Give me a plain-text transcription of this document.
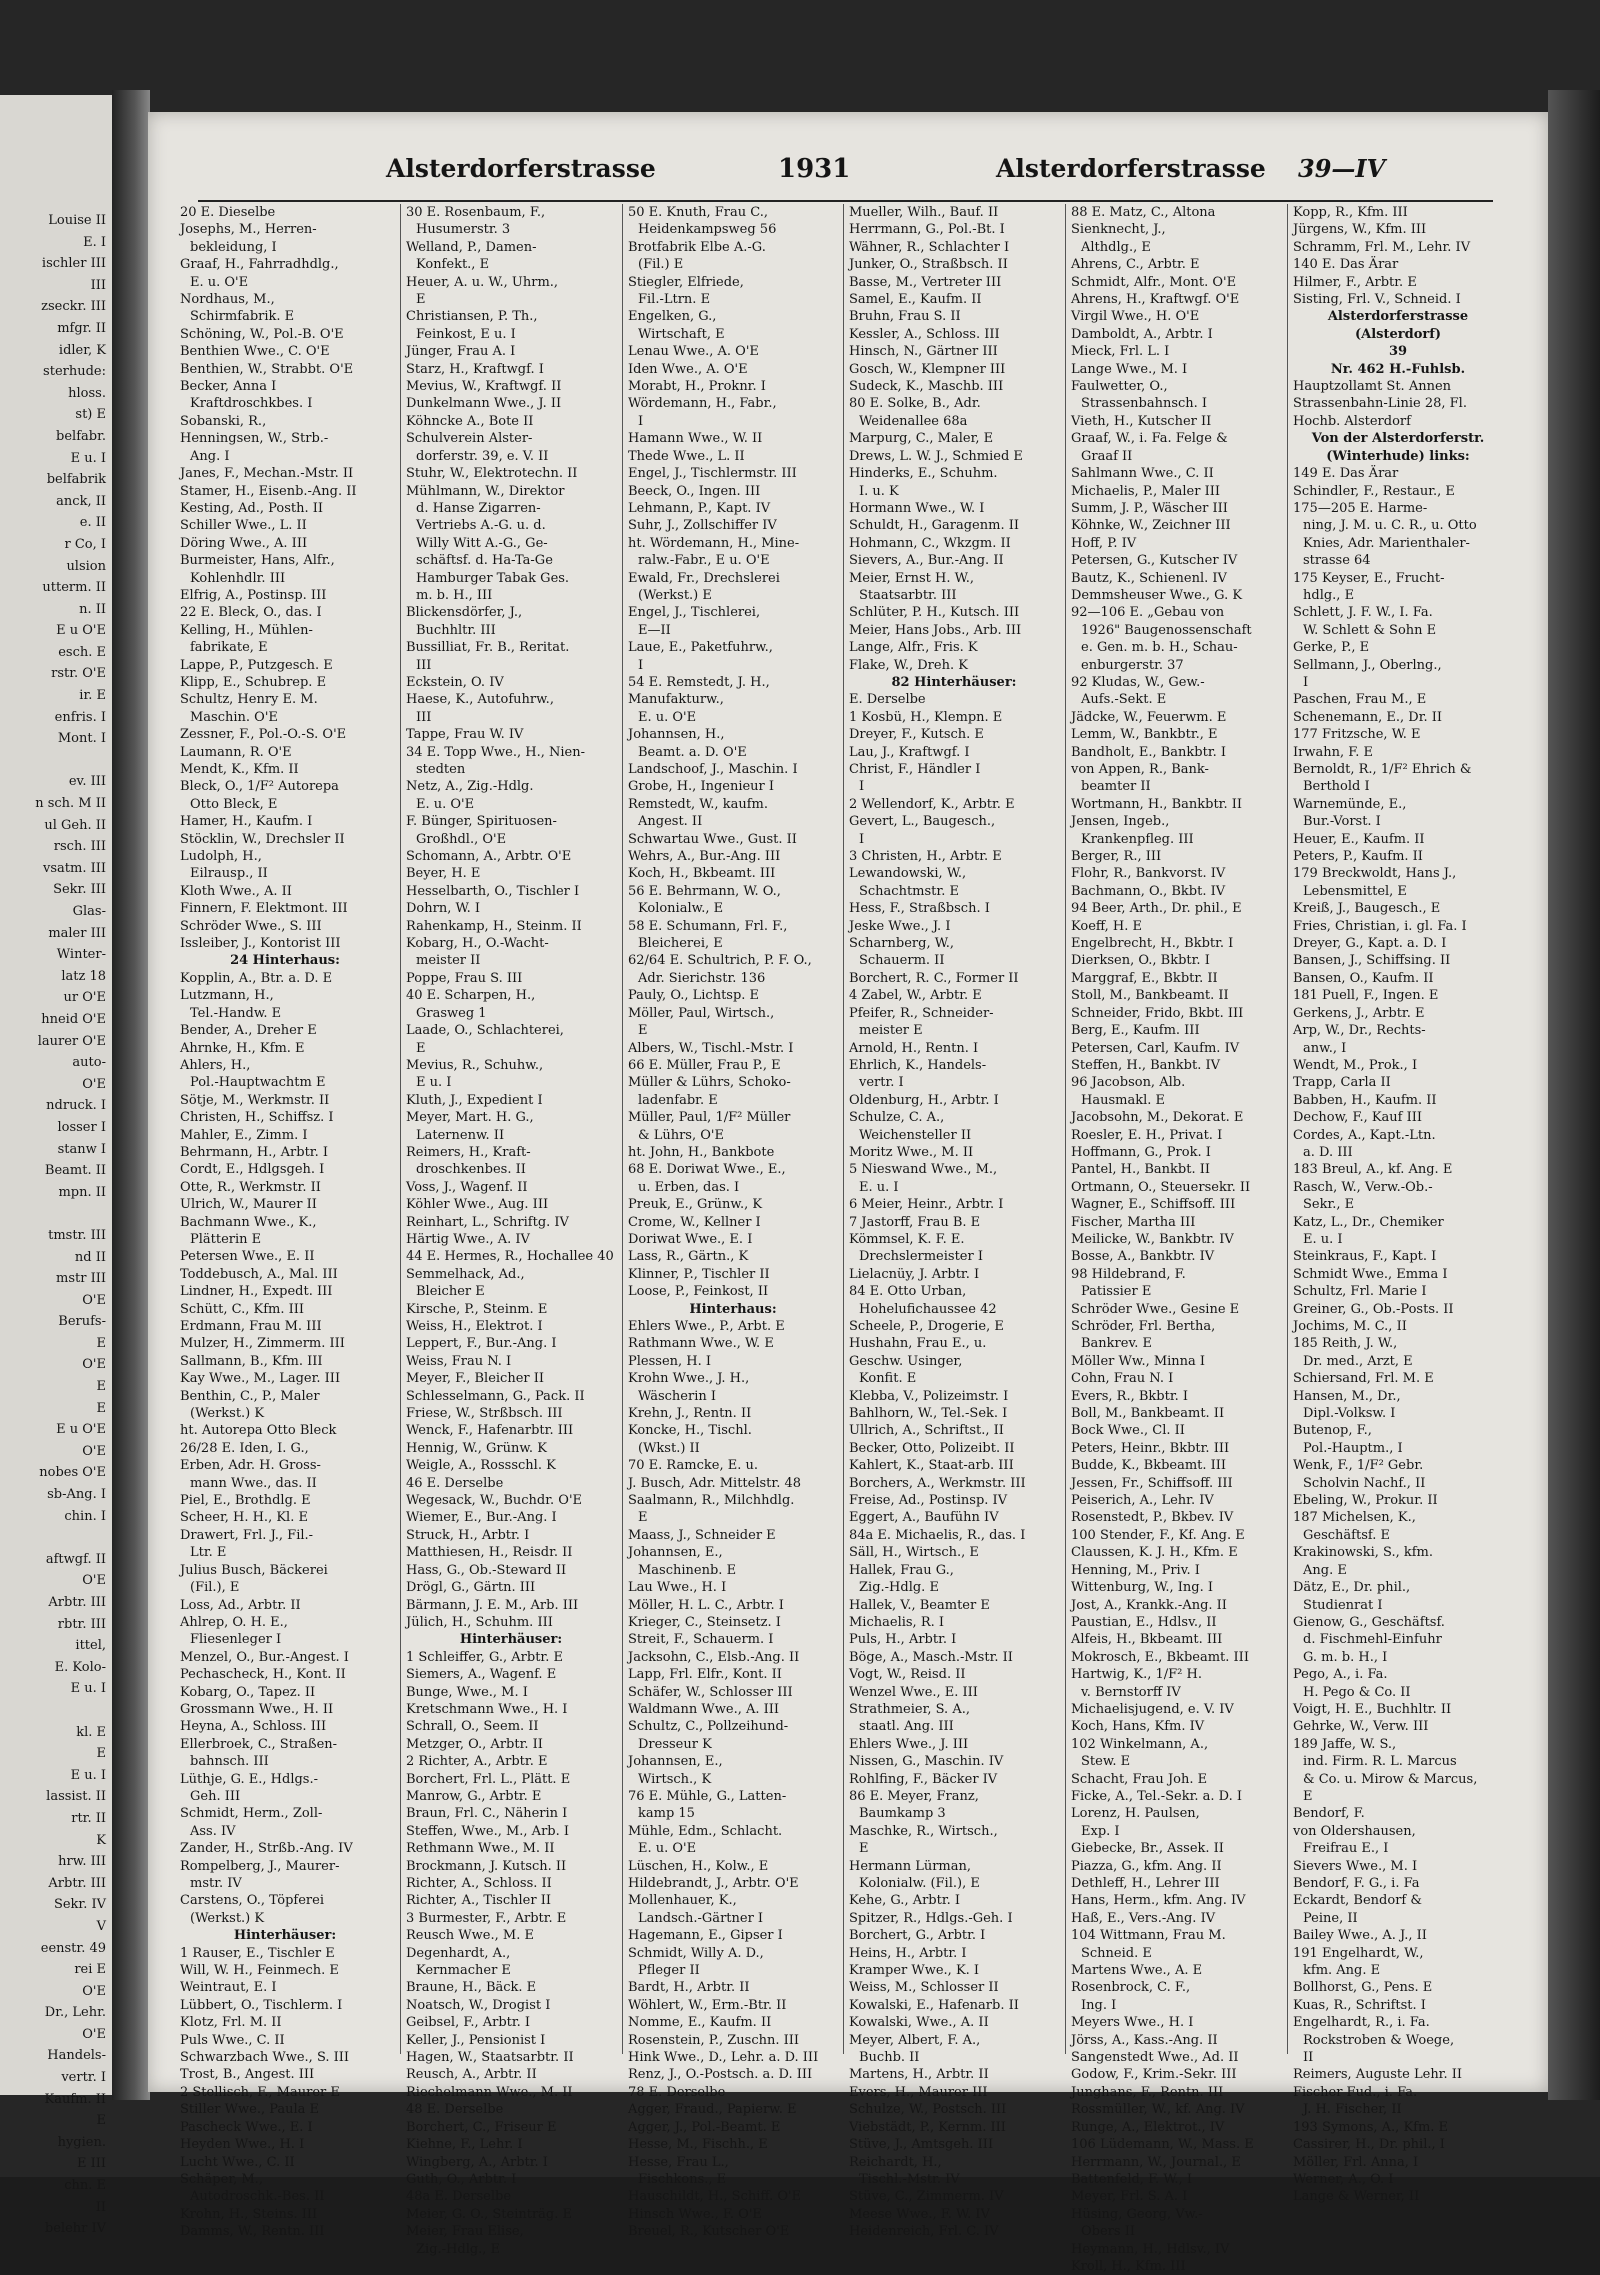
Louise II
E. I
ischler III
III
zseckr. III
mfgr. II
idler, K
sterhude:
hloss.
st) E
belfabr.
E u. I
belfabrik
anck, II
e. II
r Co, I
ulsion
utterm. II
n. II
E u O'E
esch. E
rstr. O'E
ir. E
enfris. I
Mont. I

ev. III
n sch. M II
ul Geh. II
rsch. III
vsatm. III
Sekr. III
Glas-
maler III
Winter-
latz 18
ur O'E
hneid O'E
laurer O'E
auto-
O'E
ndruck. I
losser I
stanw I
Beamt. II
mpn. II

tmstr. III
nd II
mstr III
O'E
Berufs-
E
O'E
E
E
E u O'E
O'E
nobes O'E
sb-Ang. I
chin. I

aftwgf. II
O'E
Arbtr. III
rbtr. III
ittel,
E. Kolo-
E u. I

kl. E
E
E u. I
lassist. II
rtr. II
K
hrw. III
Arbtr. III
Sekr. IV
V
eenstr. 49
rei E
O'E
Dr., Lehr.
O'E
Handels-
vertr. I
Kaufm. II
E
hygien.
E III
chn. E
II
belehr IV
Alsterdorferstrasse	1931	Alsterdorferstrasse 39—IV
20 E. Dieselbe
Josephs, M., Herren-
bekleidung, I
Graaf, H., Fahrradhdlg.,
E. u. O'E
Nordhaus, M.,
Schirmfabrik. E
Schöning, W., Pol.-B. O'E
Benthien Wwe., C. O'E
Benthien, W., Strabbt. O'E
Becker, Anna I
Kraftdroschkbes. I
Sobanski, R.,
Henningsen, W., Strb.-
Ang. I
Janes, F., Mechan.-Mstr. II
Stamer, H., Eisenb.-Ang. II
Kesting, Ad., Posth. II
Schiller Wwe., L. II
Döring Wwe., A. III
Burmeister, Hans, Alfr.,
Kohlenhdlr. III
Elfrig, A., Postinsp. III
22 E. Bleck, O., das. I
Kelling, H., Mühlen-
fabrikate, E
Lappe, P., Putzgesch. E
Klipp, E., Schubrep. E
Schultz, Henry E. M.
Maschin. O'E
Zessner, F., Pol.-O.-S. O'E
Laumann, R. O'E
Mendt, K., Kfm. II
Bleck, O., 1/F² Autorepa
Otto Bleck, E
Hamer, H., Kaufm. I
Stöcklin, W., Drechsler II
Ludolph, H.,
Eilrausp., II
Kloth Wwe., A. II
Finnern, F. Elektmont. III
Schröder Wwe., S. III
Issleiber, J., Kontorist III
24 Hinterhaus:
Kopplin, A., Btr. a. D. E
Lutzmann, H.,
Tel.-Handw. E
Bender, A., Dreher E
Ahrnke, H., Kfm. E
Ahlers, H.,
Pol.-Hauptwachtm E
Sötje, M., Werkmstr. II
Christen, H., Schiffsz. I
Mahler, E., Zimm. I
Behrmann, H., Arbtr. I
Cordt, E., Hdlgsgeh. I
Otte, R., Werkmstr. II
Ulrich, W., Maurer II
Bachmann Wwe., K.,
Plätterin E
Petersen Wwe., E. II
Toddebusch, A., Mal. III
Lindner, H., Expedt. III
Schütt, C., Kfm. III
Erdmann, Frau M. III
Mulzer, H., Zimmerm. III
Sallmann, B., Kfm. III
Kay Wwe., M., Lager. III
Benthin, C., P., Maler
(Werkst.) K
ht. Autorepa Otto Bleck
26/28 E. Iden, I. G.,
Erben, Adr. H. Gross-
mann Wwe., das. II
Piel, E., Brothdlg. E
Scheer, H. H., Kl. E
Drawert, Frl. J., Fil.-
Ltr. E
Julius Busch, Bäckerei
(Fil.), E
Loss, Ad., Arbtr. II
Ahlrep, O. H. E.,
Fliesenleger I
Menzel, O., Bur.-Angest. I
Pechascheck, H., Kont. II
Kobarg, O., Tapez. II
Grossmann Wwe., H. II
Heyna, A., Schloss. III
Ellerbroek, C., Straßen-
bahnsch. III
Lüthje, G. E., Hdlgs.-
Geh. III
Schmidt, Herm., Zoll-
Ass. IV
Zander, H., Strßb.-Ang. IV
Rompelberg, J., Maurer-
mstr. IV
Carstens, O., Töpferei
(Werkst.) K
Hinterhäuser:
1 Rauser, E., Tischler E
Will, W. H., Feinmech. E
Weintraut, E. I
Lübbert, O., Tischlerm. I
Klotz, Frl. M. II
Puls Wwe., C. II
Schwarzbach Wwe., S. III
Trost, B., Angest. III
2 Stellisch, F., Maurer E
Stiller Wwe., Paula E
Pascheck Wwe., E. I
Heyden Wwe., H. I
Lucht Wwe., C. II
Schäper, M.,
Autodroschk.-Bes. II
Krohn, H., Steins. III
Damms, W., Rentn. III
30 E. Rosenbaum, F.,
Husumerstr. 3
Welland, P., Damen-
Konfekt., E
Heuer, A. u. W., Uhrm.,
E
Christiansen, P. Th.,
Feinkost, E u. I
Jünger, Frau A. I
Starz, H., Kraftwgf. I
Mevius, W., Kraftwgf. II
Dunkelmann Wwe., J. II
Köhncke A., Bote II
Schulverein Alster-
dorferstr. 39, e. V. II
Stuhr, W., Elektrotechn. II
Mühlmann, W., Direktor
d. Hanse Zigarren-
Vertriebs A.-G. u. d.
Willy Witt A.-G., Ge-
schäftsf. d. Ha-Ta-Ge
Hamburger Tabak Ges.
m. b. H., III
Blickensdörfer, J.,
Buchhltr. III
Bussilliat, Fr. B., Reritat.
III
Eckstein, O. IV
Haese, K., Autofuhrw.,
III
Tappe, Frau W. IV
34 E. Topp Wwe., H., Nien-
stedten
Netz, A., Zig.-Hdlg.
E. u. O'E
F. Bünger, Spirituosen-
Großhdl., O'E
Schomann, A., Arbtr. O'E
Beyer, H. E
Hesselbarth, O., Tischler I
Dohrn, W. I
Rahenkamp, H., Steinm. II
Kobarg, H., O.-Wacht-
meister II
Poppe, Frau S. III
40 E. Scharpen, H.,
Grasweg 1
Laade, O., Schlachterei,
E
Mevius, R., Schuhw.,
E u. I
Kluth, J., Expedient I
Meyer, Mart. H. G.,
Laternenw. II
Reimers, H., Kraft-
droschkenbes. II
Voss, J., Wagenf. II
Köhler Wwe., Aug. III
Reinhart, L., Schriftg. IV
Härtig Wwe., A. IV
44 E. Hermes, R., Hochallee 40
Semmelhack, Ad.,
Bleicher E
Kirsche, P., Steinm. E
Weiss, H., Elektrot. I
Leppert, F., Bur.-Ang. I
Weiss, Frau N. I
Meyer, F., Bleicher II
Schlesselmann, G., Pack. II
Friese, W., Strßbsch. III
Wenck, F., Hafenarbtr. III
Hennig, W., Grünw. K
Weigle, A., Rossschl. K
46 E. Derselbe
Wegesack, W., Buchdr. O'E
Wiemer, E., Bur.-Ang. I
Struck, H., Arbtr. I
Matthiesen, H., Reisdr. II
Hass, G., Ob.-Steward II
Drögl, G., Gärtn. III
Bärmann, J. E. M., Arb. III
Jülich, H., Schuhm. III
Hinterhäuser:
1 Schleiffer, G., Arbtr. E
Siemers, A., Wagenf. E
Bunge, Wwe., M. I
Kretschmann Wwe., H. I
Schrall, O., Seem. II
Metzger, O., Arbtr. II
2 Richter, A., Arbtr. E
Borchert, Frl. L., Plätt. E
Manrow, G., Arbtr. E
Braun, Frl. C., Näherin I
Steffen, Wwe., M., Arb. I
Rethmann Wwe., M. II
Brockmann, J. Kutsch. II
Richter, A., Schloss. II
Richter, A., Tischler II
3 Burmester, F., Arbtr. E
Reusch Wwe., M. E
Degenhardt, A.,
Kernmacher E
Braune, H., Bäck. E
Noatsch, W., Drogist I
Geibsel, F., Arbtr. I
Keller, J., Pensionist I
Hagen, W., Staatsarbtr. II
Reusch, A., Arbtr. II
Riechelmann Wwe., M. II
48 E. Derselbe
Borchert, C., Friseur E
Kiehne, F., Lehr. I
Wingberg, A., Arbtr. I
Guth, O., Arbtr. I
48a E. Derselbe
Meier, G. O., Steinträg. E
Meier, Frau Elise,
Zig.-Hdlg., E
50 E. Knuth, Frau C.,
Heidenkampsweg 56
Brotfabrik Elbe A.-G.
(Fil.) E
Stiegler, Elfriede,
Fil.-Ltrn. E
Engelken, G.,
Wirtschaft, E
Lenau Wwe., A. O'E
Iden Wwe., A. O'E
Morabt, H., Proknr. I
Wördemann, H., Fabr.,
I
Hamann Wwe., W. II
Thede Wwe., L. II
Engel, J., Tischlermstr. III
Beeck, O., Ingen. III
Lehmann, P., Kapt. IV
Suhr, J., Zollschiffer IV
ht. Wördemann, H., Mine-
ralw.-Fabr., E u. O'E
Ewald, Fr., Drechslerei
(Werkst.) E
Engel, J., Tischlerei,
E—II
Laue, E., Paketfuhrw.,
I
54 E. Remstedt, J. H.,
Manufakturw.,
E. u. O'E
Johannsen, H.,
Beamt. a. D. O'E
Landschoof, J., Maschin. I
Grobe, H., Ingenieur I
Remstedt, W., kaufm.
Angest. II
Schwartau Wwe., Gust. II
Wehrs, A., Bur.-Ang. III
Koch, H., Bkbeamt. III
56 E. Behrmann, W. O.,
Kolonialw., E
58 E. Schumann, Frl. F.,
Bleicherei, E
62/64 E. Schultrich, P. F. O.,
Adr. Sierichstr. 136
Pauly, O., Lichtsp. E
Möller, Paul, Wirtsch.,
E
Albers, W., Tischl.-Mstr. I
66 E. Müller, Frau P., E
Müller & Lührs, Schoko-
ladenfabr. E
Müller, Paul, 1/F² Müller
& Lührs, O'E
ht. John, H., Bankbote
68 E. Doriwat Wwe., E.,
u. Erben, das. I
Preuk, E., Grünw., K
Crome, W., Kellner I
Doriwat Wwe., E. I
Lass, R., Gärtn., K
Klinner, P., Tischler II
Loose, P., Feinkost, II
Hinterhaus:
Ehlers Wwe., P., Arbt. E
Rathmann Wwe., W. E
Plessen, H. I
Krohn Wwe., J. H.,
Wäscherin I
Krehn, J., Rentn. II
Koncke, H., Tischl.
(Wkst.) II
70 E. Ramcke, E. u.
J. Busch, Adr. Mittelstr. 48
Saalmann, R., Milchhdlg.
E
Maass, J., Schneider E
Johannsen, E.,
Maschinenb. E
Lau Wwe., H. I
Möller, H. L. C., Arbtr. I
Krieger, C., Steinsetz. I
Streit, F., Schauerm. I
Jacksohn, C., Elsb.-Ang. II
Lapp, Frl. Elfr., Kont. II
Schäfer, W., Schlosser III
Waldmann Wwe., A. III
Schultz, C., Pollzeihund-
Dresseur K
Johannsen, E.,
Wirtsch., K
76 E. Mühle, G., Latten-
kamp 15
Mühle, Edm., Schlacht.
E. u. O'E
Lüschen, H., Kolw., E
Hildebrandt, J., Arbtr. O'E
Mollenhauer, K.,
Landsch.-Gärtner I
Hagemann, E., Gipser I
Schmidt, Willy A. D.,
Pfleger II
Bardt, H., Arbtr. II
Wöhlert, W., Erm.-Btr. II
Nomme, E., Kaufm. II
Rosenstein, P., Zuschn. III
Hink Wwe., D., Lehr. a. D. III
Renz, J., O.-Postsch. a. D. III
78 E. Derselbe
Agger, Fraud., Papierw. E
Agger, J., Pol.-Beamt. E
Hesse, M., Fischh., E
Hesse, Frau L.,
Fischkons., E
Hauschildt, H., Schiff. O'E
Hinsch Wwe., F. O'E
Breuel, R., Kutscher O'E
Mueller, Wilh., Bauf. II
Herrmann, G., Pol.-Bt. I
Wähner, R., Schlachter I
Junker, O., Straßbsch. II
Basse, M., Vertreter III
Samel, E., Kaufm. II
Bruhn, Frau S. II
Kessler, A., Schloss. III
Hinsch, N., Gärtner III
Gosch, W., Klempner III
Sudeck, K., Maschb. III
80 E. Solke, B., Adr.
Weidenallee 68a
Marpurg, C., Maler, E
Drews, L. W. J., Schmied E
Hinderks, E., Schuhm.
I. u. K
Hormann Wwe., W. I
Schuldt, H., Garagenm. II
Hohmann, C., Wkzgm. II
Sievers, A., Bur.-Ang. II
Meier, Ernst H. W.,
Staatsarbtr. III
Schlüter, P. H., Kutsch. III
Meier, Hans Jobs., Arb. III
Lange, Alfr., Fris. K
Flake, W., Dreh. K
82 Hinterhäuser:
E. Derselbe
1 Kosbü, H., Klempn. E
Dreyer, F., Kutsch. E
Lau, J., Kraftwgf. I
Christ, F., Händler I
I
2 Wellendorf, K., Arbtr. E
Gevert, L., Baugesch.,
I
3 Christen, H., Arbtr. E
Lewandowski, W.,
Schachtmstr. E
Hess, F., Straßbsch. I
Jeske Wwe., J. I
Scharnberg, W.,
Schauerm. II
Borchert, R. C., Former II
4 Zabel, W., Arbtr. E
Pfeifer, R., Schneider-
meister E
Arnold, H., Rentn. I
Ehrlich, K., Handels-
vertr. I
Oldenburg, H., Arbtr. I
Schulze, C. A.,
Weichensteller II
Moritz Wwe., M. II
5 Nieswand Wwe., M.,
E. u. I
6 Meier, Heinr., Arbtr. I
7 Jastorff, Frau B. E
Kömmsel, K. F. E.
Drechslermeister I
Lielacnüy, J. Arbtr. I
84 E. Otto Urban,
Hohelufichaussee 42
Scheele, P., Drogerie, E
Hushahn, Frau E., u.
Geschw. Usinger,
Konfit. E
Klebba, V., Polizeimstr. I
Bahlhorn, W., Tel.-Sek. I
Ullrich, A., Schriftst., II
Becker, Otto, Polizeibt. II
Kahlert, K., Staat-arb. III
Borchers, A., Werkmstr. III
Freise, Ad., Postinsp. IV
Eggert, A., Baufühn IV
84a E. Michaelis, R., das. I
Säll, H., Wirtsch., E
Hallek, Frau G.,
Zig.-Hdlg. E
Hallek, V., Beamter E
Michaelis, R. I
Puls, H., Arbtr. I
Böge, A., Masch.-Mstr. II
Vogt, W., Reisd. II
Wenzel Wwe., E. III
Strathmeier, S. A.,
staatl. Ang. III
Ehlers Wwe., J. III
Nissen, G., Maschin. IV
Rohlfing, F., Bäcker IV
86 E. Meyer, Franz,
Baumkamp 3
Maschke, R., Wirtsch.,
E
Hermann Lürman,
Kolonialw. (Fil.), E
Kehe, G., Arbtr. I
Spitzer, R., Hdlgs.-Geh. I
Borchert, G., Arbtr. I
Heins, H., Arbtr. I
Kramper Wwe., K. I
Weiss, M., Schlosser II
Kowalski, E., Hafenarb. II
Kowalski, Wwe., A. II
Meyer, Albert, F. A.,
Buchb. II
Martens, H., Arbtr. II
Evers, H., Maurer III
Schulze, W., Postsch. III
Viebstädt, P., Kernm. III
Stüve, J., Amtsgeh. III
Reichardt, H.,
Tischl.-Mstr. IV
Stüve, C., Zimmerm. IV
Meese Wwe., F. W. IV
Heidenreich, Frl. C. IV
88 E. Matz, C., Altona
Sienknecht, J.,
Althdlg., E
Ahrens, C., Arbtr. E
Schmidt, Alfr., Mont. O'E
Ahrens, H., Kraftwgf. O'E
Virgil Wwe., H. O'E
Damboldt, A., Arbtr. I
Mieck, Frl. L. I
Lange Wwe., M. I
Faulwetter, O.,
Strassenbahnsch. I
Vieth, H., Kutscher II
Graaf, W., i. Fa. Felge &
Graaf II
Sahlmann Wwe., C. II
Michaelis, P., Maler III
Summ, J. P., Wäscher III
Köhnke, W., Zeichner III
Hoff, P. IV
Petersen, G., Kutscher IV
Bautz, K., Schienenl. IV
Demmsheuser Wwe., G. K
92—106 E. „Gebau von
1926" Baugenossenschaft
e. Gen. m. b. H., Schau-
enburgerstr. 37
92 Kludas, W., Gew.-
Aufs.-Sekt. E
Jädcke, W., Feuerwm. E
Lemm, W., Bankbtr., E
Bandholt, E., Bankbtr. I
von Appen, R., Bank-
beamter II
Wortmann, H., Bankbtr. II
Jensen, Ingeb.,
Krankenpfleg. III
Berger, R., III
Flohr, R., Bankvorst. IV
Bachmann, O., Bkbt. IV
94 Beer, Arth., Dr. phil., E
Koeff, H. E
Engelbrecht, H., Bkbtr. I
Dierksen, O., Bkbtr. I
Marggraf, E., Bkbtr. II
Stoll, M., Bankbeamt. II
Schneider, Frido, Bkbt. III
Berg, E., Kaufm. III
Petersen, Carl, Kaufm. IV
Steffen, H., Bankbt. IV
96 Jacobson, Alb.
Hausmakl. E
Jacobsohn, M., Dekorat. E
Roesler, E. H., Privat. I
Hoffmann, G., Prok. I
Pantel, H., Bankbt. II
Ortmann, O., Steuersekr. II
Wagner, E., Schiffsoff. III
Fischer, Martha III
Meilicke, W., Bankbtr. IV
Bosse, A., Bankbtr. IV
98 Hildebrand, F.
Patissier E
Schröder Wwe., Gesine E
Schröder, Frl. Bertha,
Bankrev. E
Möller Ww., Minna I
Cohn, Frau N. I
Evers, R., Bkbtr. I
Boll, M., Bankbeamt. II
Bock Wwe., Cl. II
Peters, Heinr., Bkbtr. III
Budde, K., Bkbeamt. III
Jessen, Fr., Schiffsoff. III
Peiserich, A., Lehr. IV
Rosenstedt, P., Bkbev. IV
100 Stender, F., Kf. Ang. E
Claussen, K. J. H., Kfm. E
Henning, M., Priv. I
Wittenburg, W., Ing. I
Jost, A., Krankk.-Ang. II
Paustian, E., Hdlsv., II
Alfeis, H., Bkbeamt. III
Mokrosch, E., Bkbeamt. III
Hartwig, K., 1/F² H.
v. Bernstorff IV
Michaelisjugend, e. V. IV
Koch, Hans, Kfm. IV
102 Winkelmann, A.,
Stew. E
Schacht, Frau Joh. E
Ficke, A., Tel.-Sekr. a. D. I
Lorenz, H. Paulsen,
Exp. I
Giebecke, Br., Assek. II
Piazza, G., kfm. Ang. II
Dethleff, H., Lehrer III
Hans, Herm., kfm. Ang. IV
Haß, E., Vers.-Ang. IV
104 Wittmann, Frau M.
Schneid. E
Martens Wwe., A. E
Rosenbrock, C. F.,
Ing. I
Meyers Wwe., H. I
Jörss, A., Kass.-Ang. II
Sangenstedt Wwe., Ad. II
Godow, F., Krim.-Sekr. III
Junghans, F., Rentn. III
Rossmüller, W., kf. Ang. IV
Runge, A., Elektrot., IV
106 Lüdemann, W., Mass. E
Herrmann, W., Journal., E
Battenfeld, F. W., I
Meyer, Frl. S. A. I
Hüsing, Georg, Vw.-
Obers II
Heymann, H., Hdlsv., IV
Kroll, H., Kfm. III
Kopp, R., Kfm. III
Jürgens, W., Kfm. III
Schramm, Frl. M., Lehr. IV
140 E. Das Ärar
Hilmer, F., Arbtr. E
Sisting, Frl. V., Schneid. I
Alsterdorferstrasse
(Alsterdorf)
39
Nr. 462 H.-Fuhlsb.
Hauptzollamt St. Annen
Strassenbahn-Linie 28, Fl.
Hochb. Alsterdorf
Von der Alsterdorferstr.
(Winterhude) links:
149 E. Das Ärar
Schindler, F., Restaur., E
175—205 E. Harme-
ning, J. M. u. C. R., u. Otto
Knies, Adr. Marienthaler-
strasse 64
175 Keyser, E., Frucht-
hdlg., E
Schlett, J. F. W., I. Fa.
W. Schlett & Sohn E
Gerke, P., E
Sellmann, J., Oberlng.,
I
Paschen, Frau M., E
Schenemann, E., Dr. II
177 Fritzsche, W. E
Irwahn, F. E
Bernoldt, R., 1/F² Ehrich &
Berthold I
Warnemünde, E.,
Bur.-Vorst. I
Heuer, E., Kaufm. II
Peters, P., Kaufm. II
179 Breckwoldt, Hans J.,
Lebensmittel, E
Kreiß, J., Baugesch., E
Fries, Christian, i. gl. Fa. I
Dreyer, G., Kapt. a. D. I
Bansen, J., Schiffsing. II
Bansen, O., Kaufm. II
181 Puell, F., Ingen. E
Gerkens, J., Arbtr. E
Arp, W., Dr., Rechts-
anw., I
Wendt, M., Prok., I
Trapp, Carla II
Babben, H., Kaufm. II
Dechow, F., Kauf III
Cordes, A., Kapt.-Ltn.
a. D. III
183 Breul, A., kf. Ang. E
Rasch, W., Verw.-Ob.-
Sekr., E
Katz, L., Dr., Chemiker
E. u. I
Steinkraus, F., Kapt. I
Schmidt Wwe., Emma I
Schultz, Frl. Marie I
Greiner, G., Ob.-Posts. II
Jochims, M. C., II
185 Reith, J. W.,
Dr. med., Arzt, E
Schiersand, Frl. M. E
Hansen, M., Dr.,
Dipl.-Volksw. I
Butenop, F.,
Pol.-Hauptm., I
Wenk, F., 1/F² Gebr.
Scholvin Nachf., II
Ebeling, W., Prokur. II
187 Michelsen, K.,
Geschäftsf. E
Krakinowski, S., kfm.
Ang. E
Dätz, E., Dr. phil.,
Studienrat I
Gienow, G., Geschäftsf.
d. Fischmehl-Einfuhr
G. m. b. H., I
Pego, A., i. Fa.
H. Pego & Co. II
Voigt, H. E., Buchhltr. II
Gehrke, W., Verw. III
189 Jaffe, W. S.,
ind. Firm. R. L. Marcus
& Co. u. Mirow & Marcus,
E
Bendorf, F.
von Oldershausen,
Freifrau E., I
Sievers Wwe., M. I
Bendorf, F. G., i. Fa
Eckardt, Bendorf &
Peine, II
Bailey Wwe., A. J., II
191 Engelhardt, W.,
kfm. Ang. E
Bollhorst, G., Pens. E
Kuas, R., Schriftst. I
Engelhardt, R., i. Fa.
Rockstroben & Woege,
II
Reimers, Auguste Lehr. II
Fischer Fud., i. Fa.
J. H. Fischer, II
193 Symons, A., Kfm. E
Cassirer, H., Dr. phil., I
Möller, Frl. Anna, I
Werner, A., O. I
Lange & Werner, II
